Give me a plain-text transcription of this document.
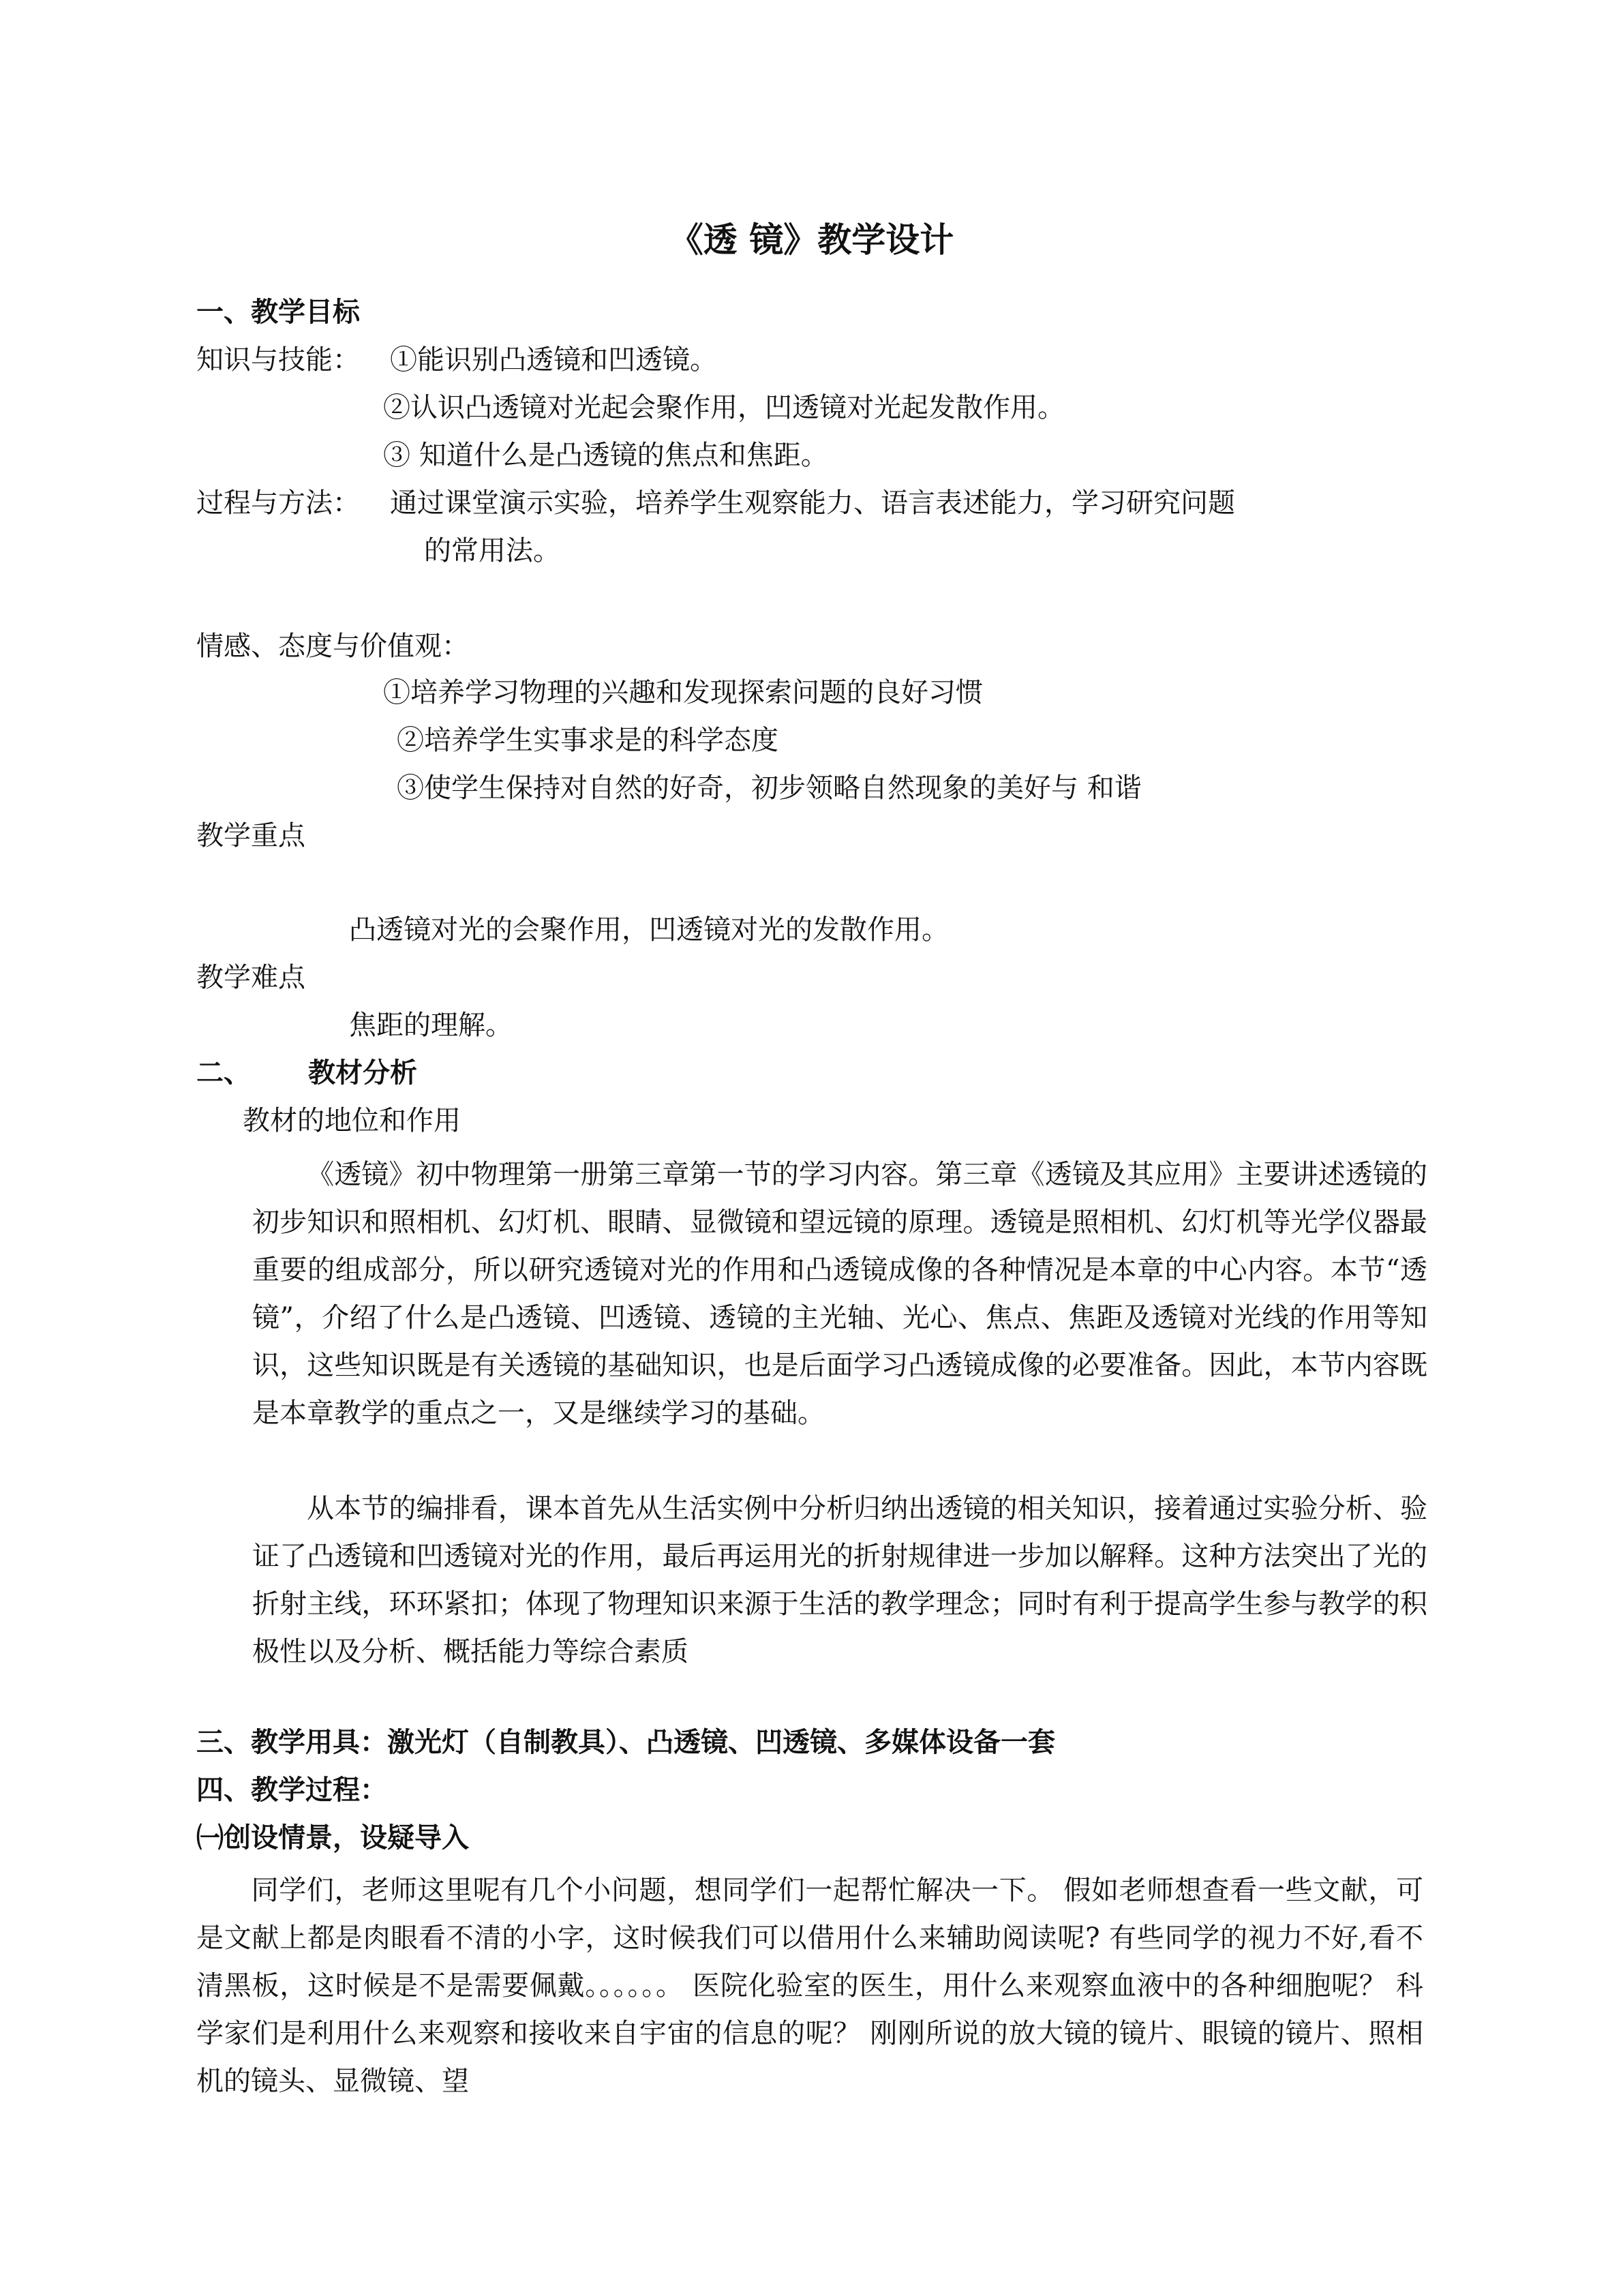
《透 镜》教学设计
一、教学目标
知识与技能： ①能识别凸透镜和凹透镜。
②认识凸透镜对光起会聚作用，凹透镜对光起发散作用。
③ 知道什么是凸透镜的焦点和焦距。
过程与方法： 通过课堂演示实验，培养学生观察能力、语言表述能力，学习研究问题
的常用法。
情感、态度与价值观：
①培养学习物理的兴趣和发现探索问题的良好习惯
②培养学生实事求是的科学态度
③使学生保持对自然的好奇，初步领略自然现象的美好与 和谐
教学重点
凸透镜对光的会聚作用，凹透镜对光的发散作用。
教学难点
焦距的理解。
二、 教材分析
教材的地位和作用
《透镜》初中物理第一册第三章第一节的学习内容。第三章《透镜及其应用》主要讲述透镜的初步知识和照相机、幻灯机、眼睛、显微镜和望远镜的原理。透镜是照相机、幻灯机等光学仪器最重要的组成部分，所以研究透镜对光的作用和凸透镜成像的各种情况是本章的中心内容。本节“透镜”，介绍了什么是凸透镜、凹透镜、透镜的主光轴、光心、焦点、焦距及透镜对光线的作用等知识，这些知识既是有关透镜的基础知识，也是后面学习凸透镜成像的必要准备。因此，本节内容既是本章教学的重点之一，又是继续学习的基础。
从本节的编排看，课本首先从生活实例中分析归纳出透镜的相关知识，接着通过实验分析、验证了凸透镜和凹透镜对光的作用，最后再运用光的折射规律进一步加以解释。这种方法突出了光的折射主线，环环紧扣；体现了物理知识来源于生活的教学理念；同时有利于提高学生参与教学的积极性以及分析、概括能力等综合素质
三、教学用具：激光灯（自制教具）、凸透镜、凹透镜、多媒体设备一套
四、教学过程：
㈠创设情景，设疑导入
同学们，老师这里呢有几个小问题，想同学们一起帮忙解决一下。 假如老师想查看一些文献，可是文献上都是肉眼看不清的小字，这时候我们可以借用什么来辅助阅读呢? 有些同学的视力不好,看不清黑板，这时候是不是需要佩戴。。。。。。 医院化验室的医生，用什么来观察血液中的各种细胞呢？ 科学家们是利用什么来观察和接收来自宇宙的信息的呢？ 刚刚所说的放大镜的镜片、眼镜的镜片、照相机的镜头、显微镜、望
